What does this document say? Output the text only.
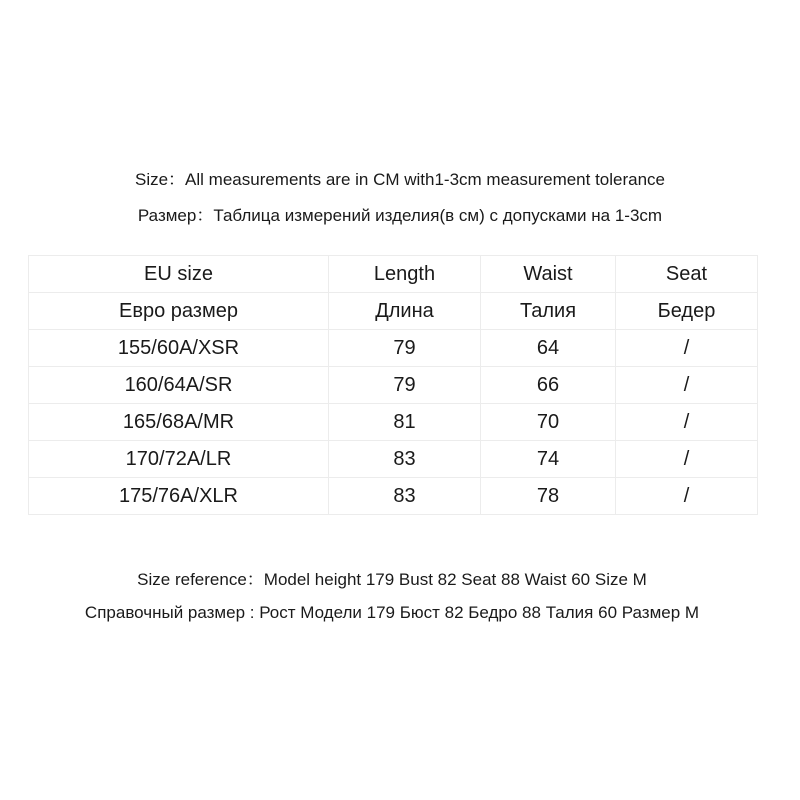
Size：All measurements are in CM with1-3cm measurement tolerance
Размер：Таблица измерений изделия(в см) с допусками на 1-3cm
EU size	Length	Waist	Seat
Евро размер	Длина	Талия	Бедер
155/60A/XSR	79	64	/
160/64A/SR	79	66	/
165/68A/MR	81	70	/
170/72A/LR	83	74	/
175/76A/XLR	83	78	/
Size reference：Model height 179 Bust 82 Seat 88 Waist 60 Size M
Справочный размер : Рост Модели 179 Бюст 82 Бедро 88 Талия 60 Размер M
